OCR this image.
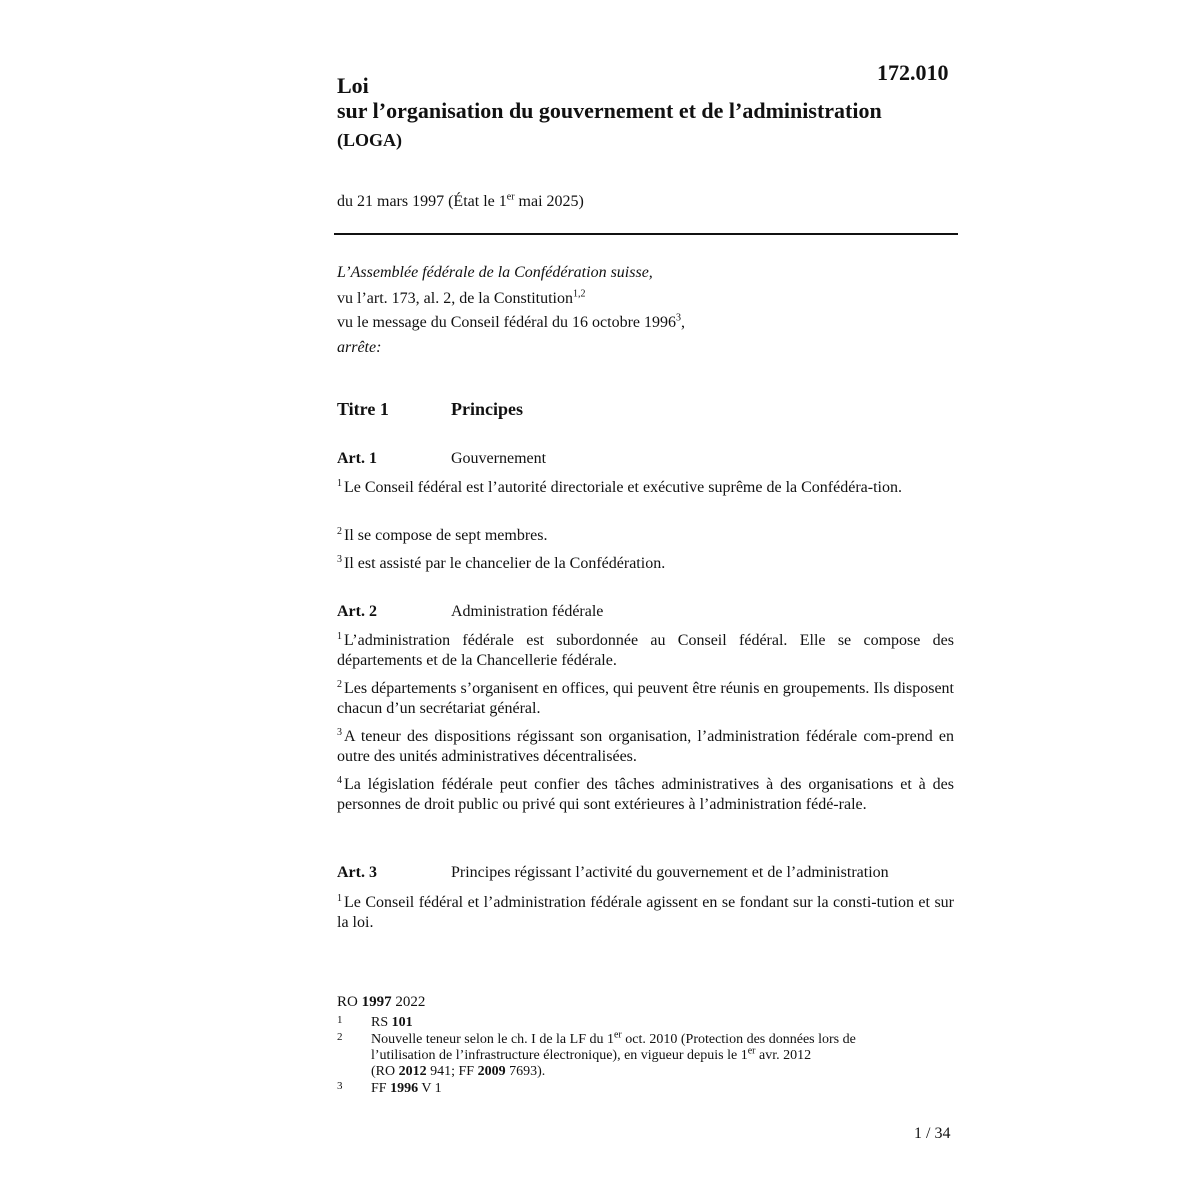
172.010
Loi
sur l’organisation du gouvernement et de l’administration
(LOGA)
du 21 mars 1997 (État le 1er mai 2025)
L’Assemblée fédérale de la Confédération suisse,
vu l’art. 173, al. 2, de la Constitution$^{1,2}$
vu le message du Conseil fédéral du 16 octobre 1996$^3$,
arrête:
Titre 1	Principes
Art. 1	Gouvernement
$^1$ Le Conseil fédéral est l’autorité directoriale et exécutive suprême de la Confédéra-tion.
$^2$ Il se compose de sept membres.
$^3$ Il est assisté par le chancelier de la Confédération.
Art. 2	Administration fédérale
$^1$ L’administration fédérale est subordonnée au Conseil fédéral. Elle se compose des départements et de la Chancellerie fédérale.
$^2$ Les départements s’organisent en offices, qui peuvent être réunis en groupements. Ils disposent chacun d’un secrétariat général.
$^3$ A teneur des dispositions régissant son organisation, l’administration fédérale com-prend en outre des unités administratives décentralisées.
$^4$ La législation fédérale peut confier des tâches administratives à des organisations et à des personnes de droit public ou privé qui sont extérieures à l’administration fédé-rale.
Art. 3	Principes régissant l’activité du gouvernement et de l’administration
$^1$ Le Conseil fédéral et l’administration fédérale agissent en se fondant sur la consti-tution et sur la loi.
RO 1997 2022
1 RS 101
2 Nouvelle teneur selon le ch. I de la LF du 1er oct. 2010 (Protection des données lors de
l’utilisation de l’infrastructure électronique), en vigueur depuis le 1er avr. 2012
(RO 2012 941; FF 2009 7693).
3 FF 1996 V 1
1 / 34
